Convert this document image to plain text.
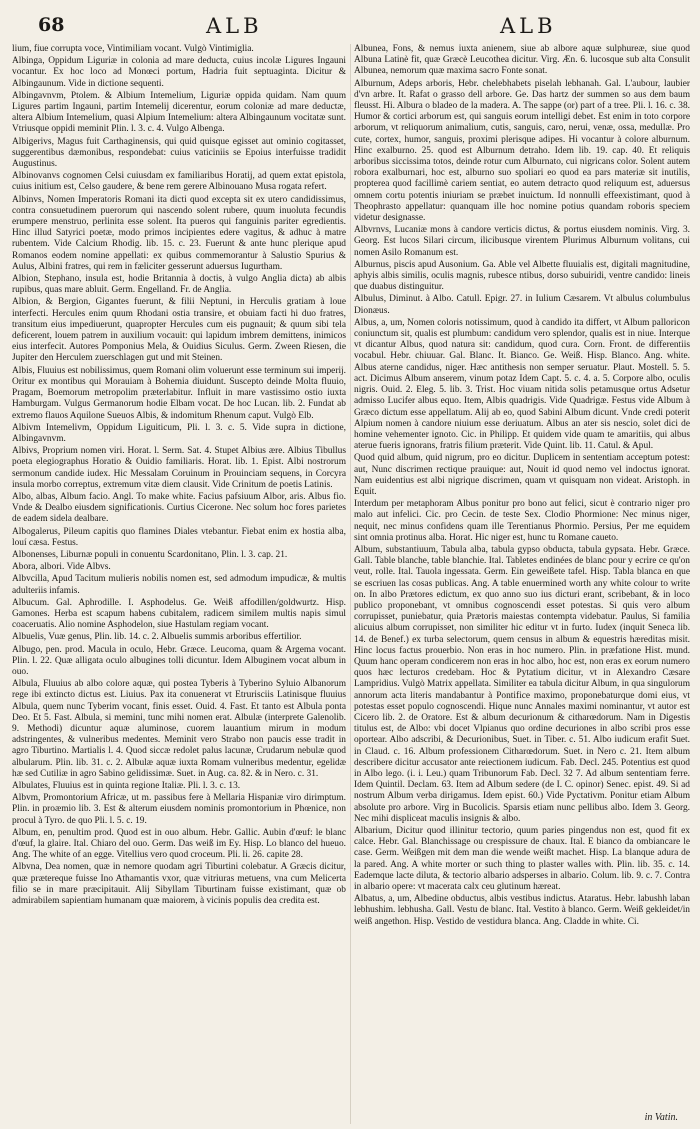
68	ALB	ALB

lium, fiue corrupta voce, Vintimiliam vocant. Vulgò Vintimiglia.

Albinga, Oppidum Liguriæ in colonia ad mare deducta, cuius incolæ Ligures Ingauni vocantur. Ex hoc loco ad Monœci portum, Hadria fuit septuaginta. Dicitur & Albingaunum. Vide in dictione sequenti.

Albingavnvm, Ptolem. & Albium Intemelium, Liguriæ oppida quidam. Nam quum Ligures partim Ingauni, partim Intemelij dicerentur, eorum coloniæ ad mare deductæ, altera Albium Intemelium, quasi Alpium Intemelium: altera Albingaunum vocitatæ sunt. Vtriusque oppidi meminit Plin. l. 3. c. 4. Vulgo Albenga.

Albigerivs, Magus fuit Carthaginensis, qui quid quisque egisset aut ominio cogitasset, suggerentibus dæmonibus, respondebat: cuius vaticiniis se Epoius interfuisse tradidit Augustinus.

Albinovanvs cognomen Celsi cuiusdam ex familiaribus Horatij, ad quem extat epistola, cuius initium est, Celso gaudere, & bene rem gerere Albinouano Musa rogata refert.

Albinvs, Nomen Imperatoris Romani ita dicti quod excepta sit ex utero candidissimus, contra consuetudinem puerorum qui nascendo solent rubere, quum inuoluta fecundis erumpere menstruo, perlinita esse solent. Ita pueros qui fanguinis pariter egredientis. Hinc illud Satyrici poetæ, modo primos incipientes edere vagitus, & adhuc à matre rubentem. Vide Calcium Rhodig. lib. 15. c. 23. Fuerunt & ante hunc plerique apud Romanos eodem nomine appellati: ex quibus commemorantur à Salustio Spurius & Aulus, Albini fratres, qui rem in fæliciter gesserunt aduersus Iugurtham.

Albion, Stephano, insula est, hodie Britannia à doctis, à vulgo Anglia dicta) ab albis rupibus, quas mare abluit. Germ. Engelland. Fr. de Anglia.

Albion, & Bergion, Gigantes fuerunt, & filii Neptuni, in Herculis gratiam à loue interfecti. Hercules enim quum Rhodani ostia transire, et obuiam facti hi duo fratres, transitum eius impediuerunt, quapropter Hercules cum eis pugnauit; & quum sibi tela deficerent, louem patrem in auxilium vocauit: qui lapidum imbrem demittens, inimicos eius interfecit. Autores Pomponius Mela, & Ouidius Siculus. Germ. Zween Riesen, die Jupiter den Herculem zuerschlagen gut und mit Steinen.

Albis, Fluuius est nobilissimus, quem Romani olim voluerunt esse terminum sui imperij. Oritur ex montibus qui Morauiam à Bohemia diuidunt. Suscepto deinde Molta fluuio, Pragam, Boemorum metropolim præterlabitur. Influit in mare vastissimo ostio iuxta Hamburgam. Vulgus Germanorum hodie Elbam vocat. De hoc Lucan. lib. 2. Fundat ab extremo flauos Aquilone Sueuos Albis, & indomitum Rhenum caput. Vulgò Elb.

Albivm Intemelivm, Oppidum Liguiticum, Pli. l. 3. c. 5. Vide supra in dictione, Albingavnvm.

Albivs, Proprium nomen viri. Horat. l. Serm. Sat. 4. Stupet Albius ære. Albius Tibullus poeta elegiographus Horatio & Ouidio familiaris. Horat. lib. 1. Epist. Albi nostrorum sermonum candide iudex. Hic Messalam Coruinum in Prouinciam sequens, in Corcyra insula morbo correptus, extremum vitæ diem clausit. Vide Crinitum de poetis Latinis.

Albo, albas, Album facio. Angl. To make white. Facius pafsiuum Albor, aris. Albus fio. Vnde & Dealbo eiusdem significationis. Curtius Cicerone. Nec solum hoc fores parietes de eadem sidela dealbare.

Albogalerus, Pileum capitis quo flamines Diales vtebantur. Fiebat enim ex hostia alba, louí cæsa. Festus.

Albonenses, Liburnæ populi in conuentu Scardonitano, Plin. l. 3. cap. 21.

Abora, albori. Vide Albvs.

Albvcilla, Apud Tacitum mulieris nobilis nomen est, sed admodum impudicæ, & multis adulteriis infamis.

Albucum. Gal. Aphrodille. I. Asphodelus. Ge. Weiß affodillen/goldwurtz. Hisp. Gamones. Herba est scapum habens cubitalem, radicem similem multis napis simul coaceruatis. Alio nomine Asphodelon, siue Hastulam regiam vocant.

Albuelis, Vuæ genus, Plin. lib. 14. c. 2. Albuelis summis arboribus effertilior.

Albugo, pen. prod. Macula in oculo, Hebr. Græce. Leucoma, quam & Argema vocant. Plin. l. 22. Quæ alligata oculo albugines tolli dicuntur. Idem Albuginem vocat album in ouo.

Albula, Fluuius ab albo colore aquæ, qui postea Tyberis à Tyberino Syluio Albanorum rege ibi extincto dictus est. Liuius. Pax ita conuenerat vt Etrurisciis Latinisque fluuius Albula, quem nunc Tyberim vocant, finis esset. Ouid. 4. Fast. Et tanto est Albula ponta Deo. Et 5. Fast. Albula, si memini, tunc mihi nomen erat. Albulæ (interprete Galenolib. 9. Methodi) dicuntur aquæ aluminose, cuorem lauantium mirum in modum adstringentes, & vulneribus medentes. Meminit vero Strabo non paucis esse tradit in agro Tiburtino. Martialis l. 4. Quod siccæ redolet palus lacunæ, Crudarum nebulæ quod albularum. Plin. lib. 31. c. 2. Albulæ aquæ iuxta Romam vulneribus medentur, egelidæ hæ sed Cutiliæ in agro Sabino gelidissimæ. Suet. in Aug. ca. 82. & in Nero. c. 31.

Albulates, Fluuius est in quinta regione Italiæ. Pli. l. 3. c. 13.

Albvm, Promontorium Africæ, ut m. passibus fere à Mellaria Hispaniæ viro dirimptum. Plin. in proæmio lib. 3. Est & alterum eiusdem nominis promontorium in Phœnice, non procul à Tyro. de quo Pli. l. 5. c. 19.

Album, en, penultim prod. Quod est in ouo album. Hebr. Gallic. Aubin d'œuf: le blanc d'œuf, la glaire. Ital. Chiaro del ouo. Germ. Das weiß im Ey. Hisp. Lo blanco del hueuo. Ang. The white of an egge. Vitellius vero quod croceum. Pli. li. 26. capite 28.

Albvna, Dea nomen, quæ in nemore quodam agri Tiburtini colebatur. A Græcis dicitur, quæ prætereque fuisse Ino Athamantis vxor, quæ vitriuras metuens, vna cum Melicerta filio se in mare præcipitauit. Alij Sibyllam Tiburtinam fuisse existimant, quæ ob admirabilem sapientiam humanam quæ maiorem, à vicinis populis dea credita est.

Albunea, Fons, & nemus iuxta anienem, siue ab albore aquæ sulphureæ, siue quod Albuna Latinè fit, quæ Græcè Leucothea dicitur. Virg. Æn. 6. lucosque sub alta Consulit Albunea, nemorum quæ maxima sacro Fonte sonat.

Alburnum, Adeps arboris, Hebr. chelebhabets piselah lebhanah. Gal. L'aubour, laubier d'vn arbre. It. Rafat o grasso dell arbore. Ge. Das hartz der summen so aus dem baum fleusst. Hi. Albura o bladeo de la madera. A. The sappe (or) part of a tree. Pli. l. 16. c. 38. Humor & cortici arborum est, qui sanguis eorum intelligi debet. Est enim in toto corpore arborum, vt reliquorum animalium, cutis, sanguis, caro, nerui, venæ, ossa, medullæ. Pro cute, cortex, humor, sanguis, proximi plerisque adipes. Hi vocantur à colore alburnum. Hinc exalburno. 25. quod est Alburnum detraho. Idem lib. 19. cap. 40. Et reliquis arboribus siccissima totos, deinde rotur cum Alburnato, cui nigricans color. Solent autem robora exalburnari, hoc est, alburno suo spoliari eo quod ea pars materiæ sit inutilis, propterea quod facillimè cariem sentiat, eo autem detracto quod reliquum est, aduersus omnem cortu potentis iniuriam se præbet inuictum. Id nonnulli effeexistimant, quod à Theophrasto appellatur: quanquam ille hoc nomine potius quandam roboris speciem videtur designasse.

Albvrnvs, Lucaniæ mons à candore verticis dictus, & portus eiusdem nominis. Virg. 3. Georg. Est lucos Silari circum, ilicibusque virentem Plurimus Alburnum volitans, cui nomen Asilo Romanum est.

Alburnus, piscis apud Ausonium. Ga. Able vel Albette fluuialis est, digitali magnitudine, aphyis albis similis, oculis magnis, rubesce ntibus, dorso subuiridi, ventre candido: lineis que duabus distinguitur.

Albulus, Diminut. à Albo. Catull. Epigr. 27. in Iulium Cæsarem. Vt albulus columbulus Dionæus.

Albus, a, um, Nomen coloris notissimum, quod à candido ita differt, vt Album palloricon coniunctum sit, qualis est plumbum: candidum vero splendor, qualis est in niue. Interque vt dicantur Albus, quod natura sit: candidum, quod cura. Corn. Front. de differentiis vocabul. Hebr. chiuuar. Gal. Blanc. It. Bianco. Ge. Weiß. Hisp. Blanco. Ang. white. Albus aterne candidus, niger. Hæc antithesis non semper seruatur. Plaut. Mostell. 5. 5. act. Dicimus Album anserem, vinum potaz Idem Capt. 5. c. 4. a. 5. Corpore albo, oculis nigris. Ouid. 2. Eleg. 5. lib. 3. Trist. Hoc viuam nitida solis petamusque ortus Adsetur admisso Lucifer albus equo. Item, Albis quadrigis. Vide Quadrigæ. Festus vide Album à Græco dictum esse appellatum. Alij ab eo, quod Sabini Album dicunt. Vnde credi poterit Alpium nomen à candore niuium esse deriuatum. Albus an ater sis nescio, solet dici de homine vehementer ignoto. Cic. in Philipp. Et quidem vide quam te amaritiis, qui albus aterue fueris ignorans, fratris filium præterit. Vide Quint. lib. 11. Catul. & Apul.

Quod quid album, quid nigrum, pro eo dicitur. Duplicem in sententiam acceptum potest: aut, Nunc discrimen rectique prauique: aut, Nouit id quod nemo vel indoctus ignorat. Nam euidentius est albi nigrique discrimen, quam vt quisquam non videat. Aristoph. in Equit.

Interdum per metaphoram Albus ponitur pro bono aut felici, sicut è contrario niger pro malo aut infelici. Cic. pro Cecin. de teste Sex. Clodio Phormione: Nec minus niger, nequit, nec minus confidens quam ille Terentianus Phormio. Persius, Per me equidem sint omnia protinus alba. Horat. Hic niger est, hunc tu Romane caueto.

Album, substantiuum, Tabula alba, tabula gypso obducta, tabula gypsata. Hebr. Græce. Gall. Table blanche, table blanchie. Ital. Tabletes endinées de blanc pour y ecrire ce qu'on veut, rolle. Ital. Tauola ingessata. Germ. Ein geweißete tafel. Hisp. Tabla blanca en que se escriuen las cosas publicas. Ang. A table enuermined worth any white colour to write on. In albo Prætores edictum, ex quo anno suo ius dicturi erant, scribebant, & in loco publico proponebant, vt omnibus cognoscendi esset potestas. Si quis vero album corrupisset, puniebatur, quia Prætoris maiestas contempta videbatur. Paulus, Si familia alicuius album corrupisset, non similiter hic editur vt in furto. Iudex (inquit Seneca lib. 14. de Benef.) ex turba selectorum, quem census in album & equestris hæreditas misit. Hinc locus factus prouerbio. Non eras in hoc numero. Plin. in præfatione Hist. mund. Quum hanc operam condicerem non eras in hoc albo, hoc est, non eras ex eorum numero quos hæc lecturos credebam. Hoc & Pytatium dicitur, vt in Alexandro Cæsare Lampridius. Vulgò Matrix appellata. Similiter ea tabula dicitur Album, in qua singulorum annorum acta literis mandabantur à Pontifice maximo, proponebaturque domi eius, vt potestas esset populo cognoscendi. Hique nunc Annales maximi nominantur, vt autor est Cicero lib. 2. de Oratore. Est & album decurionum & citharœdorum. Nam in Digestis titulus est, de Albo: vbi docet Vlpianus quo ordine decuriones in albo scribi pros esse oportear. Albo adscribi, & Decurionibus, Suet. in Tiber. c. 51. Albo iudicum erafit Suet. in Claud. c. 16. Album professionem Citharœdorum. Suet. in Nero c. 21. Item album describere dicitur accusator ante reiectionem iudicum. Fab. Decl. 245. Potentius est quod in Albo lego. (i. i. Leu.) quam Tribunorum Fab. Decl. 32 7. Ad album sententiam ferre. Idem Quintil. Declam. 63. Item ad Album sedere (de I. C. opinor) Senec. epist. 49. Si ad nostrum Album verba dirigamus. Idem epist. 60.) Vide Pyctativm. Ponitur etiam Album absolute pro arbore. Virg in Bucolicis. Sparsis etiam nunc pellibus albo. Idem 3. Georg. Nec mihi displiceat maculis insignis & albo.

Albarium, Dicitur quod illinitur tectorio, quum paries pingendus non est, quod fit ex calce. Hebr. Gal. Blanchissage ou crespissure de chaux. Ital. E bianco da ombiancare le case. Germ. Weißgen mit dem man die wende weißt machet. Hisp. La blanque adura de la pared. Ang. A white morter or such thing to plaster walles with. Plin. lib. 35. c. 14. Eademque lacte diluta, & tectorio albario adsperses in albario. Colum. lib. 9. c. 7. Contra in albario opere: vt macerata calx ceu glutinum hæreat.

Albatus, a, um, Albedine obductus, albis vestibus indictus. Ataratus. Hebr. labushh laban lebhushim. lebhusha. Gall. Vestu de blanc. Ital. Vestito à blanco. Germ. Weiß gekleidet/in weiß angethon. Hisp. Vestido de vestidura blanca. Ang. Cladde in white. Ci.

in Vatin.
